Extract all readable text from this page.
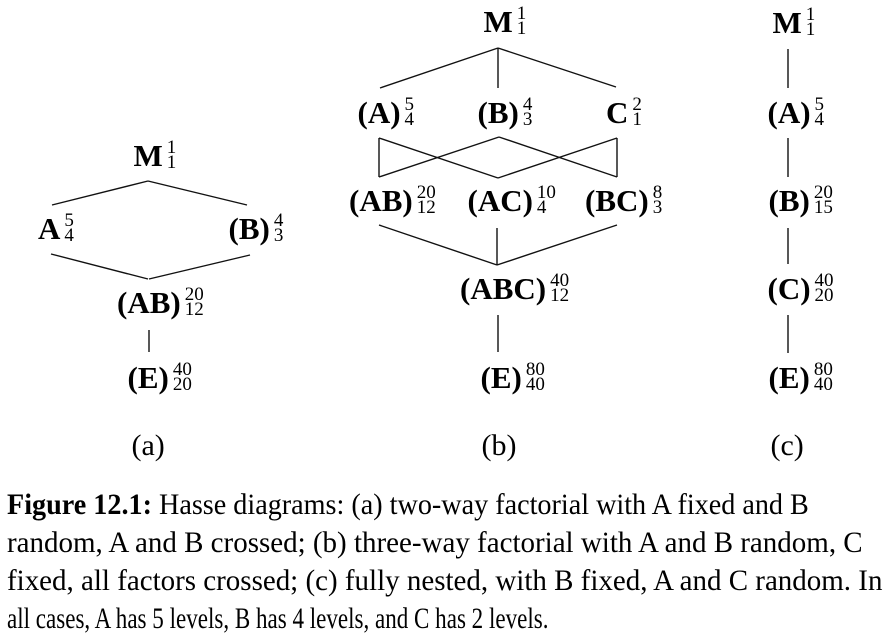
M 1
1
A 5
4	(B) 4
3
(AB) 20
12
(E) 40
20
(a)
M 1
1
(A) 5
4 (B) 4
3 C 2
1
(AB) 20
12 (AC) 10
4 (BC) 8
3
(ABC) 40
12
(E) 80
40
(b)
M 1
1
(A) 5
4
(B) 20
15
(C) 40
20
(E) 80
40
(c)
Figure 12.1: Hasse diagrams: (a) two-way factorial with A fixed and B
random, A and B crossed; (b) three-way factorial with A and B random, C
fixed, all factors crossed; (c) fully nested, with B fixed, A and C random. In
all cases, A has 5 levels, B has 4 levels, and C has 2 levels.
